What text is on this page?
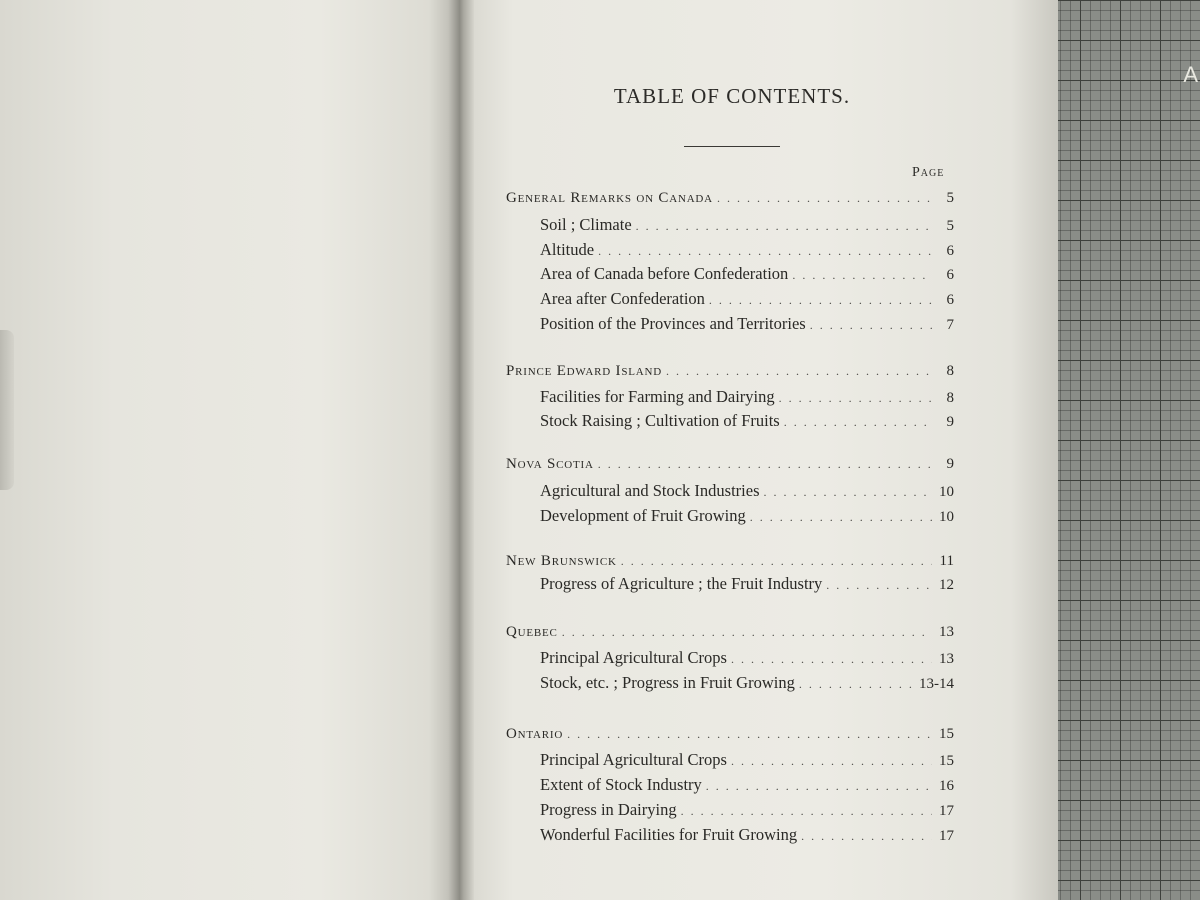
A
TABLE OF CONTENTS.
Page
General Remarks on Canada . . .	5
Soil ; Climate . . .	5
Altitude . . .	6
Area of Canada before Confederation . . .	6
Area after Confederation . . .	6
Position of the Provinces and Territories . . .	7
Prince Edward Island . . .	8
Facilities for Farming and Dairying . . .	8
Stock Raising ; Cultivation of Fruits . . .	9
Nova Scotia . . .	9
Agricultural and Stock Industries . . .	10
Development of Fruit Growing . . .	10
New Brunswick . . .	11
Progress of Agriculture ; the Fruit Industry . . .	12
Quebec . . .	13
Principal Agricultural Crops . . .	13
Stock, etc. ; Progress in Fruit Growing . . .	13-14
Ontario . . .	15
Principal Agricultural Crops . . .	15
Extent of Stock Industry . . .	16
Progress in Dairying . . .	17
Wonderful Facilities for Fruit Growing . . .	17
